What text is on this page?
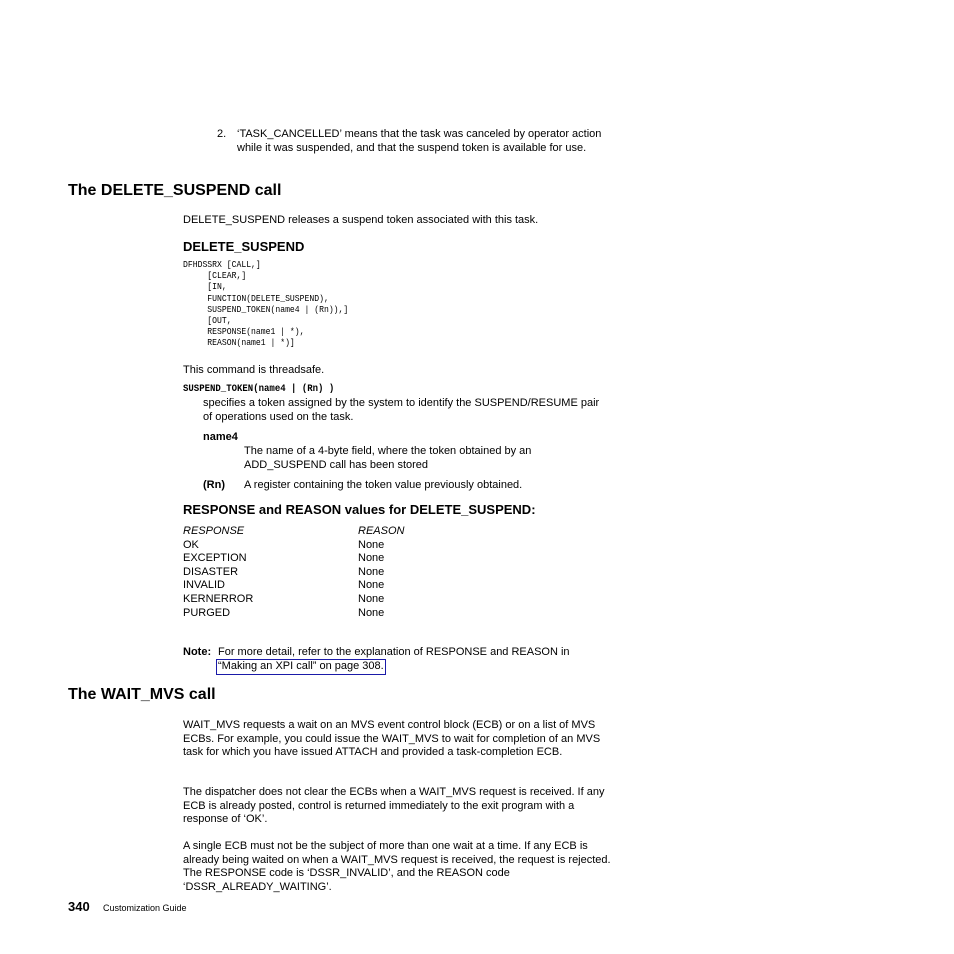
2. ‘TASK_CANCELLED’ means that the task was canceled by operator action while it was suspended, and that the suspend token is available for use.
The DELETE_SUSPEND call
DELETE_SUSPEND releases a suspend token associated with this task.
DELETE_SUSPEND
DFHDSSRX [CALL,]
[CLEAR,]
[IN,
FUNCTION(DELETE_SUSPEND),
SUSPEND_TOKEN(name4 | (Rn)),]
[OUT,
RESPONSE(name1 | *),
REASON(name1 | *)]
This command is threadsafe.
SUSPEND_TOKEN(name4 | (Rn) )
specifies a token assigned by the system to identify the SUSPEND/RESUME pair of operations used on the task.
name4
The name of a 4-byte field, where the token obtained by an ADD_SUSPEND call has been stored
(Rn) A register containing the token value previously obtained.
RESPONSE and REASON values for DELETE_SUSPEND:
RESPONSE	REASON
OK	None
EXCEPTION	None
DISASTER	None
INVALID	None
KERNERROR	None
PURGED	None
Note: For more detail, refer to the explanation of RESPONSE and REASON in
“Making an XPI call” on page 308.
The WAIT_MVS call
WAIT_MVS requests a wait on an MVS event control block (ECB) or on a list of MVS ECBs. For example, you could issue the WAIT_MVS to wait for completion of an MVS task for which you have issued ATTACH and provided a task-completion ECB.
The dispatcher does not clear the ECBs when a WAIT_MVS request is received. If any ECB is already posted, control is returned immediately to the exit program with a response of ‘OK’.
A single ECB must not be the subject of more than one wait at a time. If any ECB is already being waited on when a WAIT_MVS request is received, the request is rejected. The RESPONSE code is ‘DSSR_INVALID’, and the REASON code ‘DSSR_ALREADY_WAITING’.
340 Customization Guide
